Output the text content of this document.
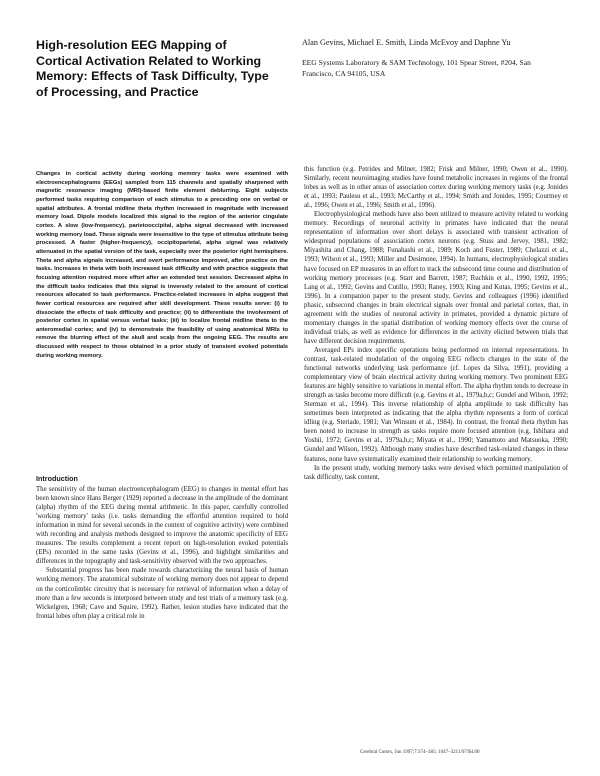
High-resolution EEG Mapping of Cortical Activation Related to Working Memory: Effects of Task Difficulty, Type of Processing, and Practice
Alan Gevins, Michael E. Smith, Linda McEvoy and Daphne Yu
EEG Systems Laboratory & SAM Technology, 101 Spear Street, #204, San Francisco, CA 94105, USA

Changes in cortical activity during working memory tasks were examined with electroencephalograms (EEGs) sampled from 115 channels and spatially sharpened with magnetic resonance imaging (MRI)-based finite element deblurring. Eight subjects performed tasks requiring comparison of each stimulus to a preceding one on verbal or spatial attributes. A frontal midline theta rhythm increased in magnitude with increased memory load. Dipole models localized this signal to the region of the anterior cingulate cortex. A slow (low-frequency), parietooccipital, alpha signal decreased with increased working memory load. These signals were insensitive to the type of stimulus attribute being processed. A faster (higher-frequency), occipitoparietal, alpha signal was relatively attenuated in the spatial version of the task, especially over the posterior right hemisphere. Theta and alpha signals increased, and overt performance improved, after practice on the tasks. Increases in theta with both increased task difficulty and with practice suggests that focusing attention required more effort after an extended test session. Decreased alpha in the difficult tasks indicates that this signal is inversely related to the amount of cortical resources allocated to task performance. Practice-related increases in alpha suggest that fewer cortical resources are required after skill development. These results serve: (i) to dissociate the effects of task difficulty and practice; (ii) to differentiate the involvement of posterior cortex in spatial versus verbal tasks; (iii) to localize frontal midline theta to the anteromedial cortex; and (iv) to demonstrate the feasibility of using anatomical MRIs to remove the blurring effect of the skull and scalp from the ongoing EEG. The results are discussed with respect to those obtained in a prior study of transient evoked potentials during working memory.

Introduction

The sensitivity of the human electroencephalogram (EEG) to changes in mental effort has been known since Hans Berger (1929) reported a decrease in the amplitude of the dominant (alpha) rhythm of the EEG during mental arithmetic. In this paper, carefully controlled 'working memory' tasks (i.e. tasks demanding the effortful attention required to hold information in mind for several seconds in the context of cognitive activity) were combined with recording and analysis methods designed to improve the anatomic specificity of EEG measures. The results complement a recent report on high-resolution evoked potentials (EPs) recorded in the same tasks (Gevins et al., 1996), and highlight similarities and differences in the topography and task-sensitivity observed with the two approaches.

Substantial progress has been made towards characterizing the neural basis of human working memory. The anatomical substrate of working memory does not appear to depend on the corticolimbic circuitry that is necessary for retrieval of information when a delay of more than a few seconds is interposed between study and test trials of a memory task (e.g. Wickelgren, 1968; Cave and Squire, 1992). Rather, lesion studies have indicated that the frontal lobes often play a critical role in

this function (e.g. Petrides and Milner, 1982; Frisk and Milner, 1990; Owen et al., 1990). Similarly, recent neuroimaging studies have found metabolic increases in regions of the frontal lobes as well as in other areas of association cortex during working memory tasks (e.g. Jonides et al., 1993; Paulesu et al., 1993; McCarthy et al., 1994; Smith and Jonides, 1995; Courtney et al., 1996; Owen et al., 1996; Smith et al., 1996).

Electrophysiological methods have also been utilized to measure activity related to working memory. Recordings of neuronal activity in primates have indicated that the neural representation of information over short delays is associated with transient activation of widespread populations of association cortex neurons (e.g. Stuss and Jervey, 1981, 1982; Miyashita and Chang, 1988; Funahashi et al., 1989; Koch and Fuster, 1989; Chelazzi et al., 1993; Wilson et al., 1993; Miller and Desimone, 1994). In humans, electrophysiological studies have focused on EP measures in an effort to track the subsecond time course and distribution of working memory processes (e.g. Starr and Barrett, 1987; Ruchkin et al., 1990, 1992, 1995; Lang et al., 1992; Gevins and Cutillo, 1993; Raney, 1993; King and Kutas, 1995; Gevins et al., 1996). In a companion paper to the present study, Gevins and colleagues (1996) identified phasic, subsecond changes in brain electrical signals over frontal and parietal cortex, that, in agreement with the studies of neuronal activity in primates, provided a dynamic picture of momentary changes in the spatial distribution of working memory effects over the course of individual trials, as well as evidence for differences in the activity elicited between trials that have different decision requirements.

Averaged EPs index specific operations being performed on internal representations. In contrast, task-related modulation of the ongoing EEG reflects changes in the state of the functional networks underlying task performance (cf. Lopes da Silva, 1991), providing a complementary view of brain electrical activity during working memory. Two prominent EEG features are highly sensitive to variations in mental effort. The alpha rhythm tends to decrease in strength as tasks become more difficult (e.g. Gevins et al., 1979a,b,c; Gundel and Wilson, 1992; Sterman et al., 1994). This inverse relationship of alpha amplitude to task difficulty has sometimes been interpreted as indicating that the alpha rhythm represents a form of cortical idling (e.g. Steriade, 1981; Van Winsum et al., 1984). In contrast, the frontal theta rhythm has been noted to increase in strength as tasks require more focused attention (e.g. Ishihara and Yoshii, 1972; Gevins et al., 1979a,b,c; Miyata et al., 1990; Yamamoto and Matsuoka, 1990; Gundel and Wilson, 1992). Although many studies have described task-related changes in these features, none have systematically examined their relationship to working memory.

In the present study, working memory tasks were devised which permitted manipulation of task difficulty, task content,

Cerebral Cortex, Jun 1997;7:374–385; 1047–3211/97/$4.00
